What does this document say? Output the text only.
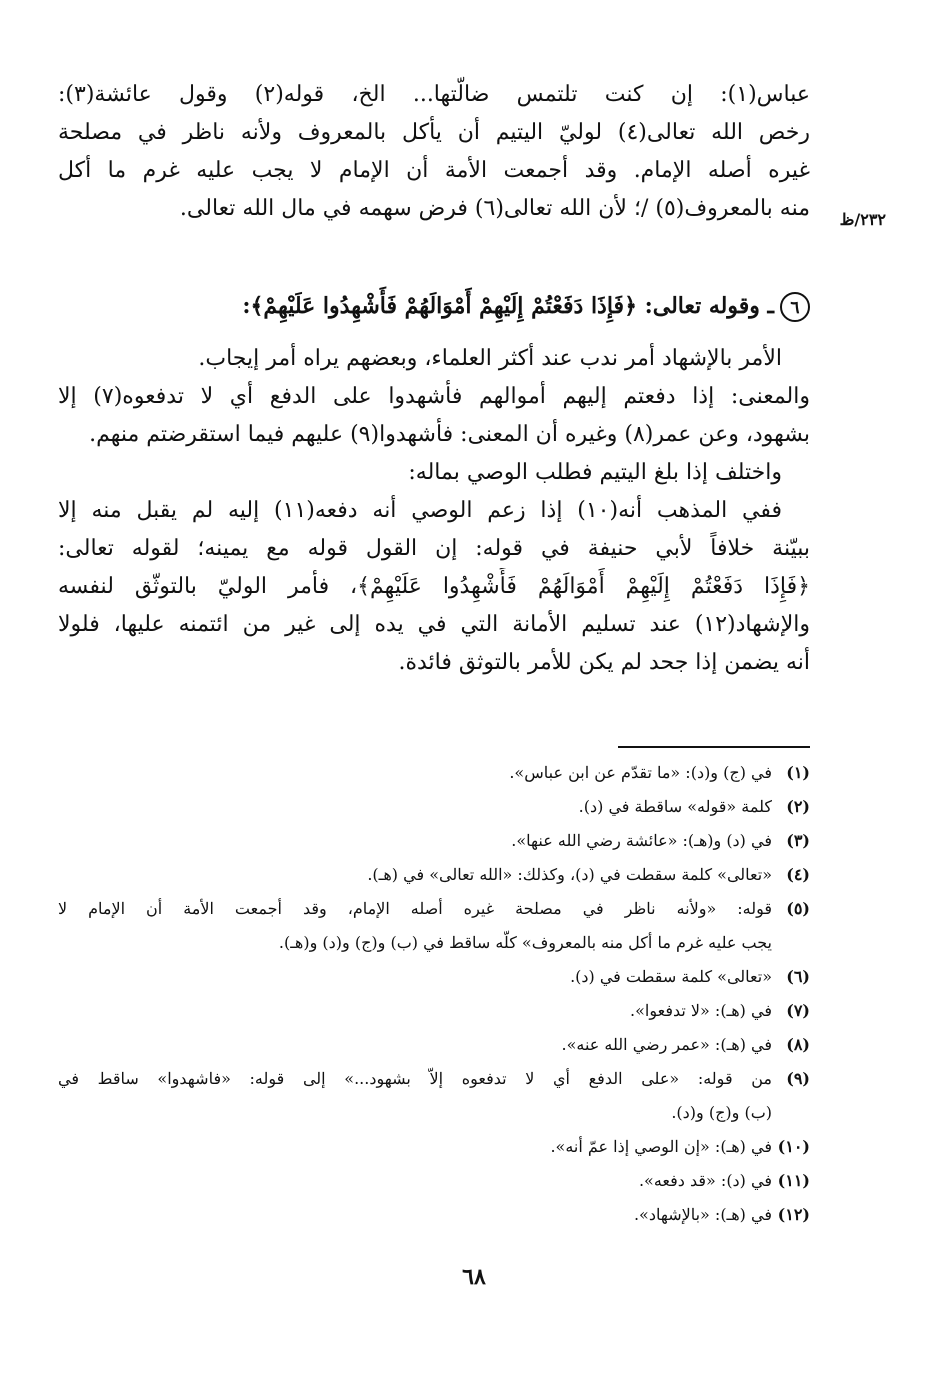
٢٣٢/ظ
عباس(١): إن كنت تلتمس ضالّتها... الخ، قوله(٢) وقول عائشة(٣):
رخص الله تعالى(٤) لوليّ اليتيم أن يأكل بالمعروف ولأنه ناظر في مصلحة
غيره أصله الإمام. وقد أجمعت الأمة أن الإمام لا يجب عليه غرم ما أكل
منه بالمعروف(٥) /؛ لأن الله تعالى(٦) فرض سهمه في مال الله تعالى.
٦ـ وقوله تعالى: ﴿فَإِذَا دَفَعْتُمْ إِلَيْهِمْ أَمْوَالَهُمْ فَأَشْهِدُوا عَلَيْهِمْ﴾:
الأمر بالإشهاد أمر ندب عند أكثر العلماء، وبعضهم يراه أمر إيجاب.
والمعنى: إذا دفعتم إليهم أموالهم فأشهدوا على الدفع أي لا تدفعوه(٧) إلا
بشهود، وعن عمر(٨) وغيره أن المعنى: فأشهدوا(٩) عليهم فيما استقرضتم منهم.
واختلف إذا بلغ اليتيم فطلب الوصي بماله:
ففي المذهب أنه(١٠) إذا زعم الوصي أنه دفعه(١١) إليه لم يقبل منه إلا
ببيّنة خلافاً لأبي حنيفة في قوله: إن القول قوله مع يمينه؛ لقوله تعالى:
﴿فَإِذَا دَفَعْتُمْ إِلَيْهِمْ أَمْوَالَهُمْ فَأَشْهِدُوا عَلَيْهِمْ﴾، فأمر الوليّ بالتوثّق لنفسه
والإشهاد(١٢) عند تسليم الأمانة التي في يده إلى غير من ائتمنه عليها، فلولا
أنه يضمن إذا جحد لم يكن للأمر بالتوثق فائدة.
(١)
في (ج) و(د): «ما تقدّم عن ابن عباس».
(٢)
كلمة «قوله» ساقطة في (د).
(٣)
في (د) و(هـ): «عائشة رضي الله عنها».
(٤)
«تعالى» كلمة سقطت في (د)، وكذلك: «الله تعالى» في (هـ).
(٥)
قوله: «ولأنه ناظر في مصلحة غيره أصله الإمام، وقد أجمعت الأمة أن الإمام لا
يجب عليه غرم ما أكل منه بالمعروف» كلّه ساقط في (ب) و(ج) و(د) و(هـ).
(٦)
«تعالى» كلمة سقطت في (د).
(٧)
في (هـ): «لا تدفعوا».
(٨)
في (هـ): «عمر رضي الله عنه».
(٩)
من قوله: «على الدفع أي لا تدفعوه إلاّ بشهود...» إلى قوله: «فاشهدوا» ساقط في
(ب) و(ج) و(د).
(١٠)
في (هـ): «إن الوصي إذا عمّ أنه».
(١١)
في (د): «قد دفعه».
(١٢)
في (هـ): «بالإشهاد».
٦٨
